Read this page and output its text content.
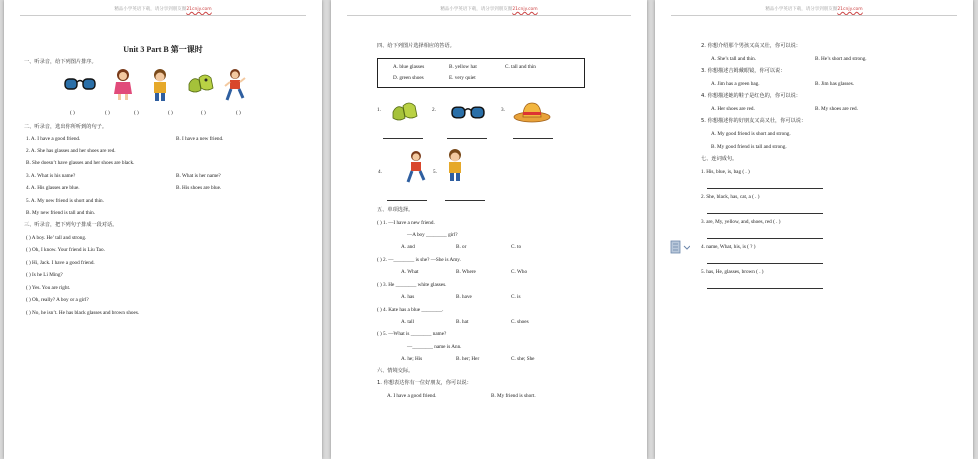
精品小学英语下载，请分享到朋友圈21cnjy.com
Unit 3 Part B 第一课时
一、听录音，给下列图片排序。
( )	( )	( )	( )	( )	( )
二、听录音，选出你所听到的句子。
1. A. I have a good friend.	B. I have a new friend.
2. A. She has glasses and her shoes are red.
B. She doesn’t have glasses and her shoes are black.
3. A. What is his name?	B. What is her name?
4. A. His glasses are blue.	B. His shoes are blue.
5. A. My new friend is short and thin.
B. My new friend is tall and thin.
三、听录音，把下列句子排成一段对话。
( ) A boy. He’ tall and strong.
( ) Oh, I know. Your friend is Liu Tao.
( ) Hi, Jack. I have a good friend.
( ) Is he Li Ming?
( ) Yes. You are right.
( ) Oh, really? A boy or a girl?
( ) No, he isn’t. He has black glasses and brown shoes.
精品小学英语下载，请分享到朋友圈21cnjy.com
四、给下列图片选择相应的答语。
A. blue glasses	B. yellow hat	C. tall and thin
D. green shoes	E. very quiet
1.	2.	3.
4.	5.
五、单项选择。
( ) 1. —I have a new friend.
—A boy ________ girl?
A. and	B. or	C. to
( ) 2. —________ is she? —She is Amy.
A. What	B. Where	C. Who
( ) 3. He ________ white glasses.
A. has	B. have	C. is
( ) 4. Kate has a blue ________.
A. tall	B. hat	C. shoes
( ) 5. —What is ________ name?
—________ name is Ann.
A. he; His	B. her; Her	C. she; She
六、情境交际。
1. 你想表达你有一位好朋友，你可以说：
A. I have a good friend.	B. My friend is short.
精品小学英语下载，请分享到朋友圈21cnjy.com
2. 你想介绍那个男孩又高又壮，你可以说：
A. She’s tall and thin.	B. He’s short and strong.
3. 你想描述吉姆戴眼镜，你可以说：
A. Jim has a green bag.	B. Jim has glasses.
4. 你想描述她的鞋子是红色的，你可以说：
A. Her shoes are red.	B. My shoes are red.
5. 你想描述你的好朋友又高又壮，你可以说：
A. My good friend is short and strong.
B. My good friend is tall and strong.
七、连词成句。
1. His, blue, is, bag ( . )
2. She, black, has, cat, a ( . )
3. are, My, yellow, and, shoes, red ( . )
4. name, What, his, is ( ? )
5. has, He, glasses, brown ( . )
